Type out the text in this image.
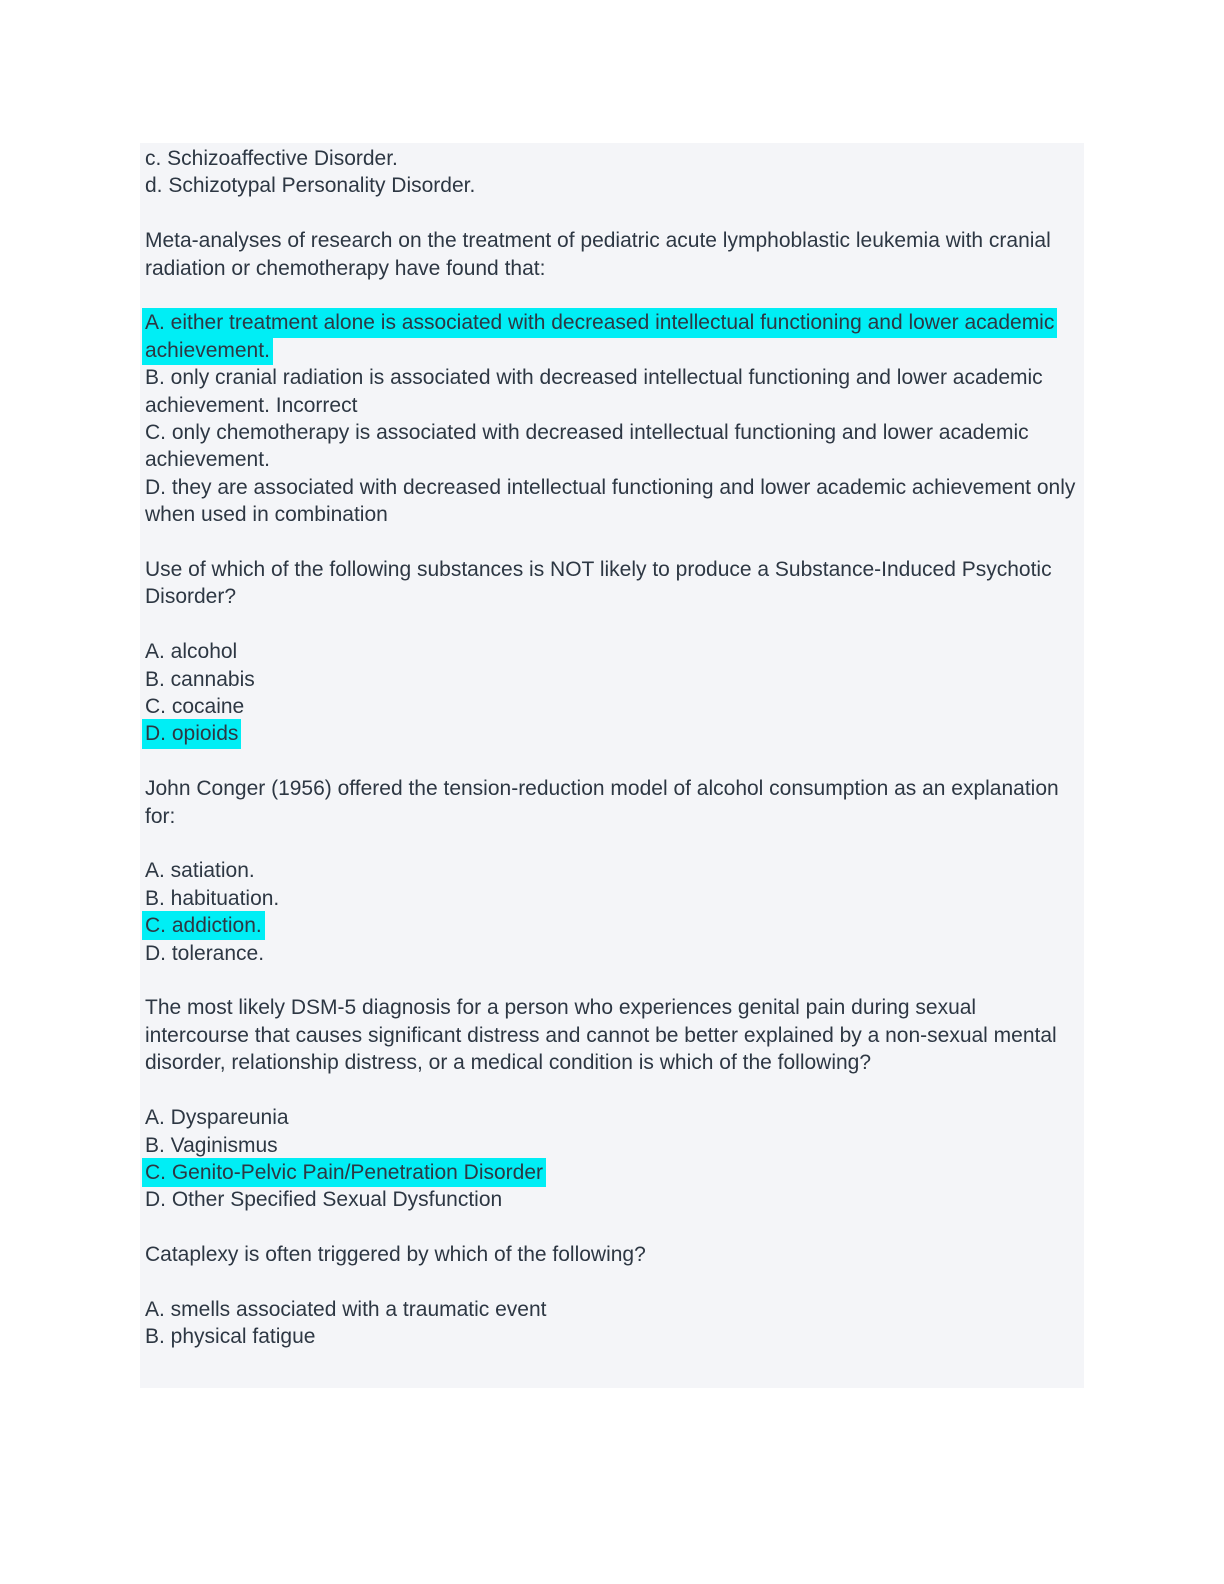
c. Schizoaffective Disorder.
d. Schizotypal Personality Disorder.

Meta-analyses of research on the treatment of pediatric acute lymphoblastic leukemia with cranial radiation or chemotherapy have found that:

A. either treatment alone is associated with decreased intellectual functioning and lower academic achievement.
B. only cranial radiation is associated with decreased intellectual functioning and lower academic achievement. Incorrect
C. only chemotherapy is associated with decreased intellectual functioning and lower academic achievement.
D. they are associated with decreased intellectual functioning and lower academic achievement only when used in combination

Use of which of the following substances is NOT likely to produce a Substance-Induced Psychotic Disorder?

A. alcohol
B. cannabis
C. cocaine
D. opioids

John Conger (1956) offered the tension-reduction model of alcohol consumption as an explanation for:

A. satiation.
B. habituation.
C. addiction.
D. tolerance.

The most likely DSM-5 diagnosis for a person who experiences genital pain during sexual intercourse that causes significant distress and cannot be better explained by a non-sexual mental disorder, relationship distress, or a medical condition is which of the following?

A. Dyspareunia
B. Vaginismus
C. Genito-Pelvic Pain/Penetration Disorder
D. Other Specified Sexual Dysfunction

Cataplexy is often triggered by which of the following?

A. smells associated with a traumatic event
B. physical fatigue
